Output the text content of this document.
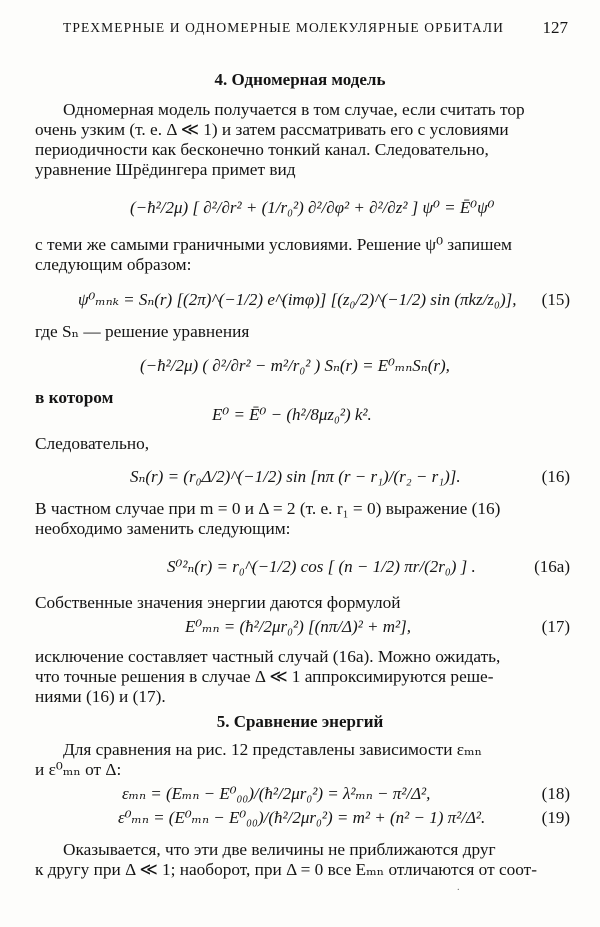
ТРЕХМЕРНЫЕ И ОДНОМЕРНЫЕ МОЛЕКУЛЯРНЫЕ ОРБИТАЛИ 127
4. Одномерная модель
Одномерная модель получается в том случае, если считать тор
очень узким (т. е. Δ ≪ 1) и затем рассматривать его с условиями
периодичности как бесконечно тонкий канал. Следовательно,
уравнение Шрёдингера примет вид
(−ħ²/2μ) [ ∂²/∂r² + (1/r₀²) ∂²/∂φ² + ∂²/∂z² ] ψ⁰ = Ē⁰ψ⁰
с теми же самыми граничными условиями. Решение ψ⁰ запишем
следующим образом:
ψ⁰ₘₙₖ = Sₙ(r) [(2π)^(−1/2) e^(imφ)] [(z₀/2)^(−1/2) sin (πkz/z₀)], (15)
где Sₙ — решение уравнения
(−ħ²/2μ) ( ∂²/∂r² − m²/r₀² ) Sₙ(r) = E⁰ₘₙSₙ(r),
в котором
E⁰ = Ē⁰ − (h²/8μz₀²) k².
Следовательно,
Sₙ(r) = (r₀Δ/2)^(−1/2) sin [nπ (r − r₁)/(r₂ − r₁)].	(16)
В частном случае при m = 0 и Δ = 2 (т. е. r₁ = 0) выражение (16)
необходимо заменить следующим:
S⁰²ₙ(r) = r₀^(−1/2) cos [ (n − 1/2) πr/(2r₀) ] .	(16а)
Собственные значения энергии даются формулой
E⁰ₘₙ = (ħ²/2μr₀²) [(nπ/Δ)² + m²],	(17)
исключение составляет частный случай (16а). Можно ожидать,
что точные решения в случае Δ ≪ 1 аппроксимируются реше-
ниями (16) и (17).
5. Сравнение энергий
Для сравнения на рис. 12 представлены зависимости εₘₙ
и ε⁰ₘₙ от Δ:
εₘₙ = (Eₘₙ − E⁰₀₀)/(ħ²/2μr₀²) = λ²ₘₙ − π²/Δ²,	(18)
ε⁰ₘₙ = (E⁰ₘₙ − E⁰₀₀)/(ħ²/2μr₀²) = m² + (n² − 1) π²/Δ².	(19)
Оказывается, что эти две величины не приближаются друг
к другу при Δ ≪ 1; наоборот, при Δ = 0 все Eₘₙ отличаются от соот-
·
